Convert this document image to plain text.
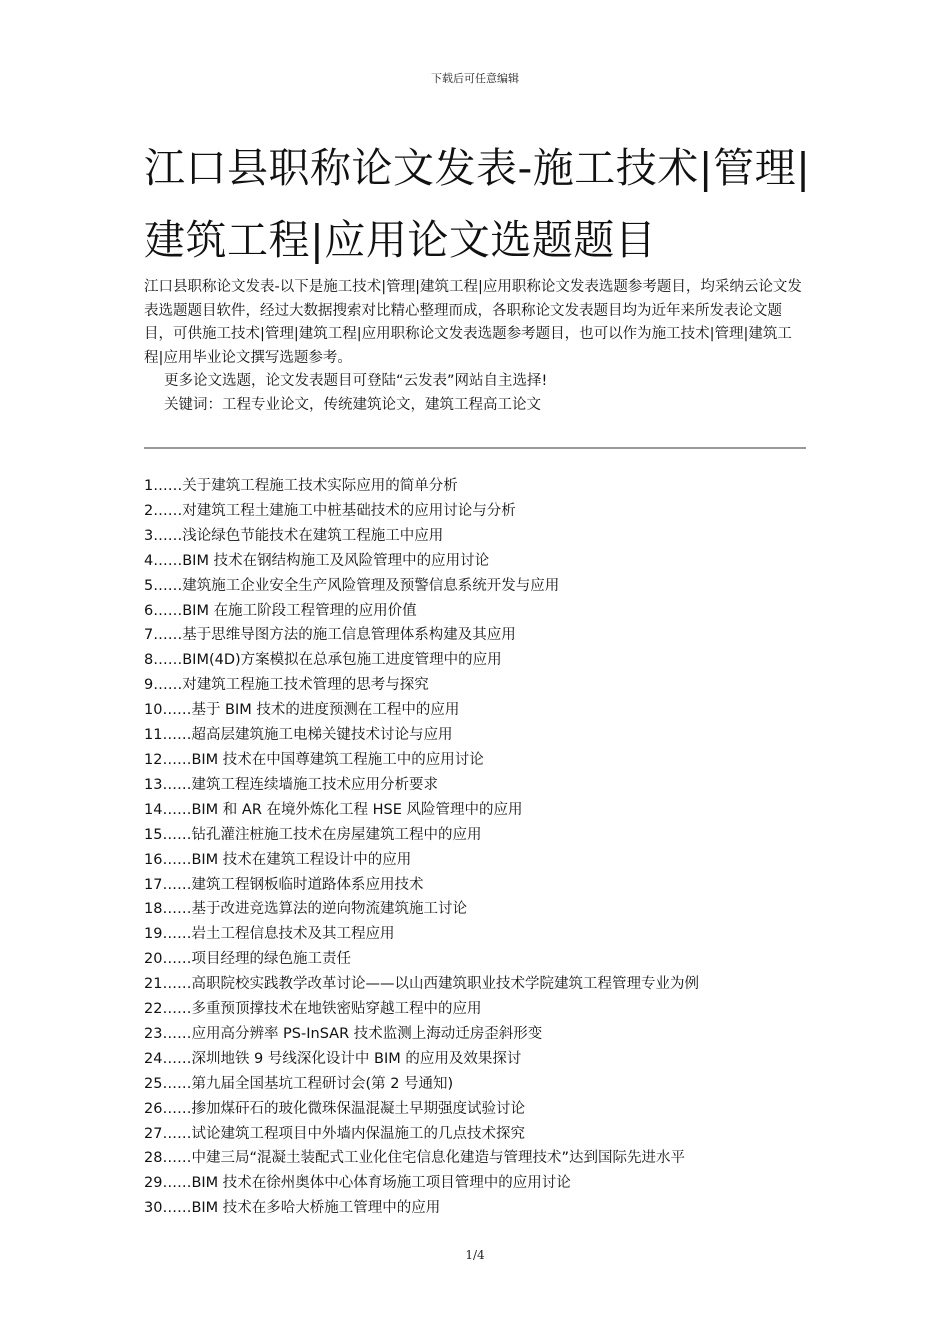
下载后可任意编辑
江口县职称论文发表-施工技术|管理|建筑工程|应用论文选题题目

江口县职称论文发表-以下是施工技术|管理|建筑工程|应用职称论文发表选题参考题目，均采纳云论文发表选题题目软件，经过大数据搜索对比精心整理而成，各职称论文发表题目均为近年来所发表论文题目，可供施工技术|管理|建筑工程|应用职称论文发表选题参考题目，也可以作为施工技术|管理|建筑工程|应用毕业论文撰写选题参考。

更多论文选题，论文发表题目可登陆“云发表”网站自主选择!

关键词：工程专业论文，传统建筑论文，建筑工程高工论文

1……关于建筑工程施工技术实际应用的简单分析
2……对建筑工程土建施工中桩基础技术的应用讨论与分析
3……浅论绿色节能技术在建筑工程施工中应用
4……BIM 技术在钢结构施工及风险管理中的应用讨论
5……建筑施工企业安全生产风险管理及预警信息系统开发与应用
6……BIM 在施工阶段工程管理的应用价值
7……基于思维导图方法的施工信息管理体系构建及其应用
8……BIM(4D)方案模拟在总承包施工进度管理中的应用
9……对建筑工程施工技术管理的思考与探究
10……基于 BIM 技术的进度预测在工程中的应用
11……超高层建筑施工电梯关键技术讨论与应用
12……BIM 技术在中国尊建筑工程施工中的应用讨论
13……建筑工程连续墙施工技术应用分析要求
14……BIM 和 AR 在境外炼化工程 HSE 风险管理中的应用
15……钻孔灌注桩施工技术在房屋建筑工程中的应用
16……BIM 技术在建筑工程设计中的应用
17……建筑工程钢板临时道路体系应用技术
18……基于改进竞选算法的逆向物流建筑施工讨论
19……岩土工程信息技术及其工程应用
20……项目经理的绿色施工责任
21……高职院校实践教学改革讨论——以山西建筑职业技术学院建筑工程管理专业为例
22……多重预顶撑技术在地铁密贴穿越工程中的应用
23……应用高分辨率 PS-InSAR 技术监测上海动迁房歪斜形变
24……深圳地铁 9 号线深化设计中 BIM 的应用及效果探讨
25……第九届全国基坑工程研讨会(第 2 号通知)
26……掺加煤矸石的玻化微珠保温混凝土早期强度试验讨论
27……试论建筑工程项目中外墙内保温施工的几点技术探究
28……中建三局“混凝土装配式工业化住宅信息化建造与管理技术”达到国际先进水平
29……BIM 技术在徐州奥体中心体育场施工项目管理中的应用讨论
30……BIM 技术在多哈大桥施工管理中的应用
1/4
